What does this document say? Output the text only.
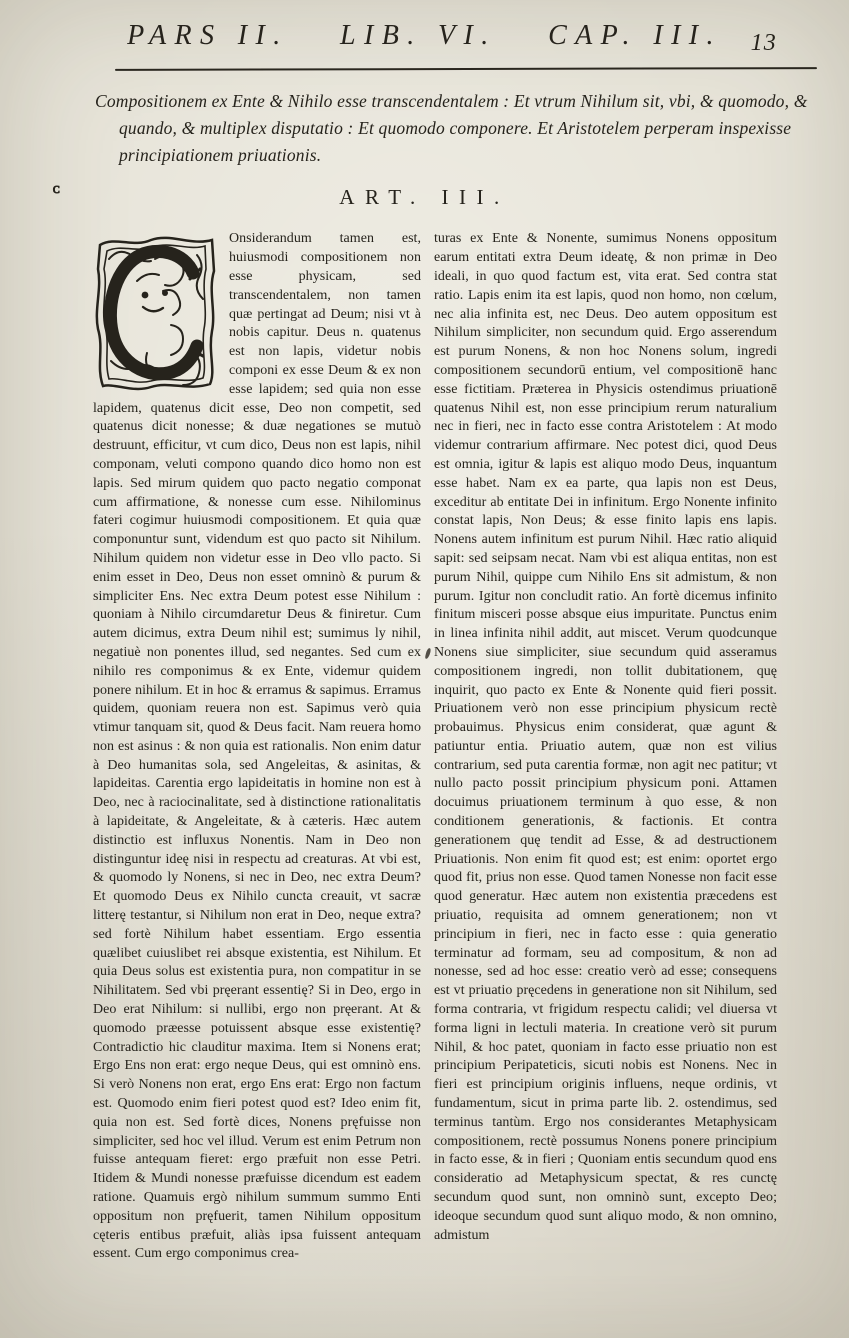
PARS II. LIB. VI. CAP. III.	13

Compositionem ex Ente & Nihilo esse transcendentalem : Et vtrum Nihilum sit, vbi, & quomodo, & quando, & multiplex disputatio : Et quomodo componere. Et Aristotelem perperam inspexisse principiationem priuationis.

ART. III.
C
Onsiderandum tamen est, huiusmodi compositionem non esse physicam, sed transcendentalem, non tamen quæ pertingat ad Deum; nisi vt à nobis capitur. Deus n. quatenus est non lapis, videtur nobis componi ex esse Deum & ex non esse lapidem; sed quia non esse lapidem, quatenus dicit esse, Deo non competit, sed quatenus dicit nonesse; & duæ negationes se mutuò destruunt, efficitur, vt cum dico, Deus non est lapis, nihil componam, veluti compono quando dico homo non est lapis. Sed mirum quidem quo pacto negatio componat cum affirmatione, & nonesse cum esse. Nihilominus fateri cogimur huiusmodi compositionem. Et quia quæ componuntur sunt, videndum est quo pacto sit Nihilum. Nihilum quidem non videtur esse in Deo vllo pacto. Si enim esset in Deo, Deus non esset omninò & purum & simpliciter Ens. Nec extra Deum potest esse Nihilum : quoniam à Nihilo circumdaretur Deus & finiretur. Cum autem dicimus, extra Deum nihil est; sumimus ly nihil, negatiuè non ponentes illud, sed negantes. Sed cum ex nihilo res componimus & ex Ente, videmur quidem ponere nihilum. Et in hoc & erramus & sapimus. Erramus quidem, quoniam reuera non est. Sapimus verò quia vtimur tanquam sit, quod & Deus facit. Nam reuera homo non est asinus : & non quia est rationalis. Non enim datur à Deo humanitas sola, sed Angeleitas, & asinitas, & lapideitas. Carentia ergo lapideitatis in homine non est à Deo, nec à raciocinalitate, sed à distinctione rationalitatis à lapideitate, & Angeleitate, & à cæteris. Hæc autem distinctio est influxus Nonentis. Nam in Deo non distinguntur ideę nisi in respectu ad creaturas. At vbi est, & quomodo ly Nonens, si nec in Deo, nec extra Deum? Et quomodo Deus ex Nihilo cuncta creauit, vt sacræ litterę testantur, si Nihilum non erat in Deo, neque extra? sed fortè Nihilum habet essentiam. Ergo essentia quælibet cuiuslibet rei absque existentia, est Nihilum. Et quia Deus solus est existentia pura, non compatitur in se Nihilitatem. Sed vbi pręerant essentię? Si in Deo, ergo in Deo erat Nihilum: si nullibi, ergo non pręerant. At & quomodo præesse potuissent absque esse existentię? Contradictio hic clauditur maxima. Item si Nonens erat; Ergo Ens non erat: ergo neque Deus, qui est omninò ens. Si verò Nonens non erat, ergo Ens erat: Ergo non factum est. Quomodo enim fieri potest quod est? Ideo enim fit, quia non est. Sed fortè dices, Nonens pręfuisse non simpliciter, sed hoc vel illud. Verum est enim Petrum non fuisse antequam fieret: ergo præfuit non esse Petri. Itidem & Mundi nonesse præfuisse dicendum est eadem ratione. Quamuis ergò nihilum summum summo Enti oppositum non pręfuerit, tamen Nihilum oppositum cęteris entibus præfuit, aliàs ipsa fuissent antequam essent. Cum ergo componimus crea-
turas ex Ente & Nonente, sumimus Nonens oppositum earum entitati extra Deum ideatę, & non primæ in Deo ideali, in quo quod factum est, vita erat. Sed contra stat ratio. Lapis enim ita est lapis, quod non homo, non cœlum, nec alia infinita est, nec Deus. Deo autem oppositum est Nihilum simpliciter, non secundum quid. Ergo asserendum est purum Nonens, & non hoc Nonens solum, ingredi compositionem secundorū entium, vel compositionē hanc esse fictitiam. Præterea in Physicis ostendimus priuationē quatenus Nihil est, non esse principium rerum naturalium nec in fieri, nec in facto esse contra Aristotelem : At modo videmur contrarium affirmare. Nec potest dici, quod Deus est omnia, igitur & lapis est aliquo modo Deus, inquantum esse habet. Nam ex ea parte, qua lapis non est Deus, exceditur ab entitate Dei in infinitum. Ergo Nonente infinito constat lapis, Non Deus; & esse finito lapis ens lapis. Nonens autem infinitum est purum Nihil. Hæc ratio aliquid sapit: sed seipsam necat. Nam vbi est aliqua entitas, non est purum Nihil, quippe cum Nihilo Ens sit admistum, & non purum. Igitur non concludit ratio. An fortè dicemus infinito finitum misceri posse absque eius impuritate. Punctus enim in linea infinita nihil addit, aut miscet. Verum quodcunque Nonens siue simpliciter, siue secundum quid asseramus compositionem ingredi, non tollit dubitationem, quę inquirit, quo pacto ex Ente & Nonente quid fieri possit. Priuationem verò non esse principium physicum rectè probauimus. Physicus enim considerat, quæ agunt & patiuntur entia. Priuatio autem, quæ non est vilius contrarium, sed puta carentia formæ, non agit nec patitur; vt nullo pacto possit principium physicum poni. Attamen docuimus priuationem terminum à quo esse, & non conditionem generationis, & factionis. Et contra generationem quę tendit ad Esse, & ad destructionem Priuationis. Non enim fit quod est; est enim: oportet ergo quod fit, prius non esse. Quod tamen Nonesse non facit esse quod generatur. Hæc autem non existentia præcedens est priuatio, requisita ad omnem generationem; non vt principium in fieri, nec in facto esse : quia generatio terminatur ad formam, seu ad compositum, & non ad nonesse, sed ad hoc esse: creatio verò ad esse; consequens est vt priuatio pręcedens in generatione non sit Nihilum, sed forma contraria, vt frigidum respectu calidi; vel diuersa vt forma ligni in lectuli materia. In creatione verò sit purum Nihil, & hoc patet, quoniam in facto esse priuatio non est principium Peripateticis, sicuti nobis est Nonens. Nec in fieri est principium originis influens, neque ordinis, vt fundamentum, sicut in prima parte lib. 2. ostendimus, sed terminus tantùm. Ergo nos considerantes Metaphysicam compositionem, rectè possumus Nonens ponere principium in facto esse, & in fieri ; Quoniam entis secundum quod ens consideratio ad Metaphysicum spectat, & res cunctę secundum quod sunt, non omninò sunt, excepto Deo; ideoque secundum quod sunt aliquo modo, & non omnino, admistum
